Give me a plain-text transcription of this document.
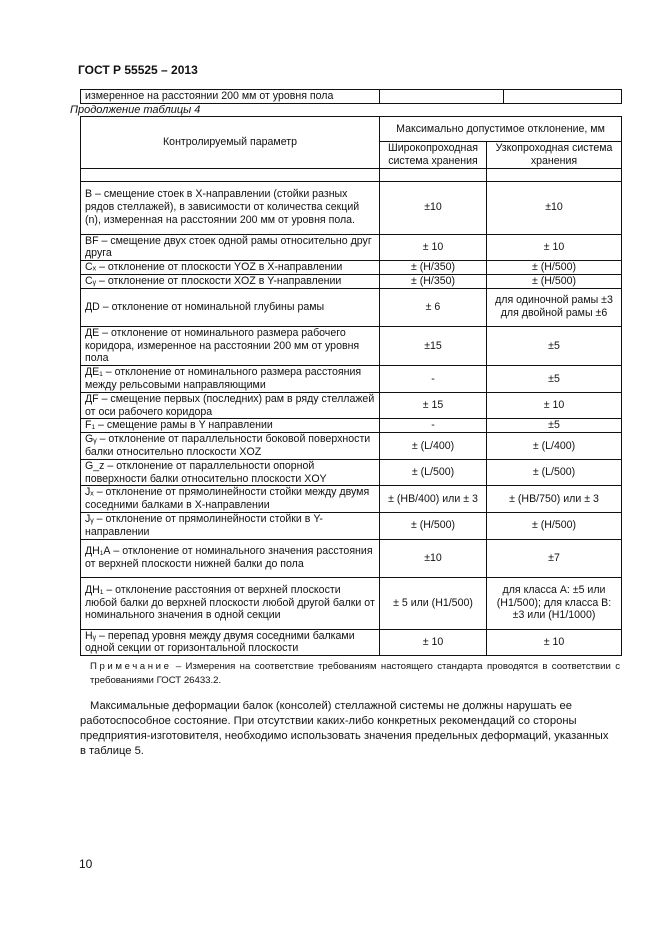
ГОСТ Р 55525 – 2013
измеренное на расстоянии 200 мм от уровня пола		
Продолжение таблицы 4
Контролируемый параметр	Максимально допустимое отклонение, мм	
	Широкопроходная система хранения	Узкопроходная система хранения

В – смещение стоек в Х-направлении (стойки разных рядов стеллажей), в зависимости от количества секций (n), измеренная на расстоянии 200 мм от уровня пола.	±10	±10
BF – смещение двух стоек одной рамы относительно друг друга	± 10	± 10
Cₓ – отклонение от плоскости YOZ в Х-направлении	± (H/350)	± (H/500)
Cᵧ – отклонение от плоскости XOZ в Y-направлении	± (H/350)	± (H/500)
ДD – отклонение от номинальной глубины рамы	± 6	для одиночной рамы ±3 для двойной рамы ±6
ДЕ – отклонение от номинального размера рабочего коридора, измеренное на расстоянии 200 мм от уровня пола	±15	±5
ДЕ₁ – отклонение от номинального размера расстояния между рельсовыми направляющими	-	±5
ДF – смещение первых (последних) рам в ряду стеллажей от оси рабочего коридора	± 15	± 10
F₁ – смещение рамы в Y направлении	-	±5
Gᵧ – отклонение от параллельности боковой поверхности балки относительно плоскости XOZ	± (L/400)	± (L/400)
G_z – отклонение от параллельности опорной поверхности балки относительно плоскости XOY	± (L/500)	± (L/500)
Jₓ – отклонение от прямолинейности стойки между двумя соседними балками в Х-направлении	± (HB/400) или ± 3	± (HB/750) или ± 3
Jᵧ – отклонение от прямолинейности стойки в Y-направлении	± (H/500)	± (H/500)
ДН₁А – отклонение от номинального значения расстояния от верхней плоскости нижней балки до пола	±10	±7
ДН₁ – отклонение расстояния от верхней плоскости любой балки до верхней плоскости любой другой балки от номинального значения в одной секции	± 5 или (H1/500)	для класса А: ±5 или (H1/500); для класса В: ±3 или (H1/1000)
Hᵧ – перепад уровня между двумя соседними балками одной секции от горизонтальной плоскости	± 10	± 10
Примечание – Измерения на соответствие требованиям настоящего стандарта проводятся в соответствии с требованиями ГОСТ 26433.2.
Максимальные деформации балок (консолей) стеллажной системы не должны нарушать ее
работоспособное состояние. При отсутствии каких-либо конкретных рекомендаций со стороны
предприятия-изготовителя, необходимо использовать значения предельных деформаций, указанных
в таблице 5.
10
